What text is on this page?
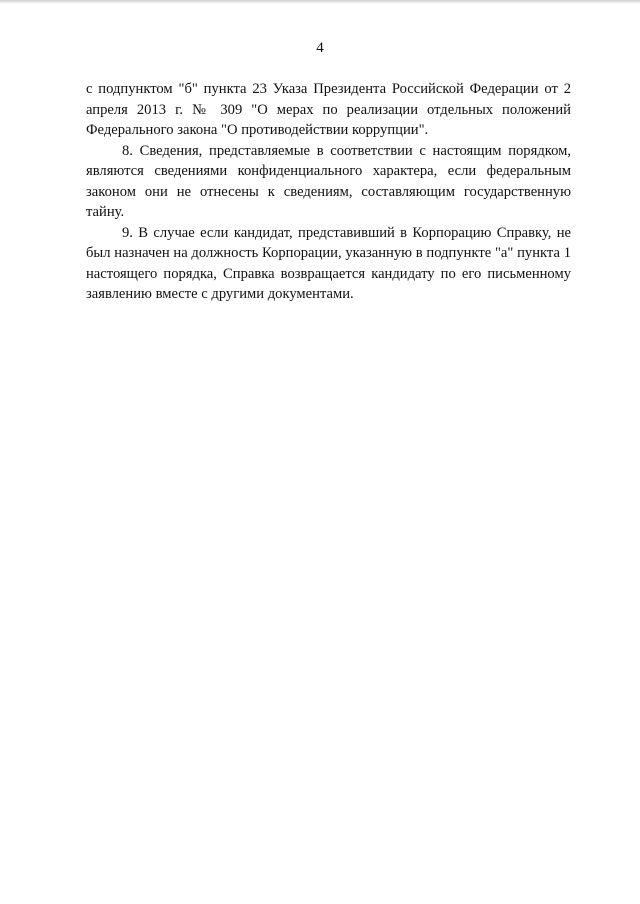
4

с подпунктом "б" пункта 23 Указа Президента Российской Федерации от 2 апреля 2013 г. № 309 "О мерах по реализации отдельных положений Федерального закона "О противодействии коррупции".

8. Сведения, представляемые в соответствии с настоящим порядком, являются сведениями конфиденциального характера, если федеральным законом они не отнесены к сведениям, составляющим государственную тайну.

9. В случае если кандидат, представивший в Корпорацию Справку, не был назначен на должность Корпорации, указанную в подпункте "а" пункта 1 настоящего порядка, Справка возвращается кандидату по его письменному заявлению вместе с другими документами.
